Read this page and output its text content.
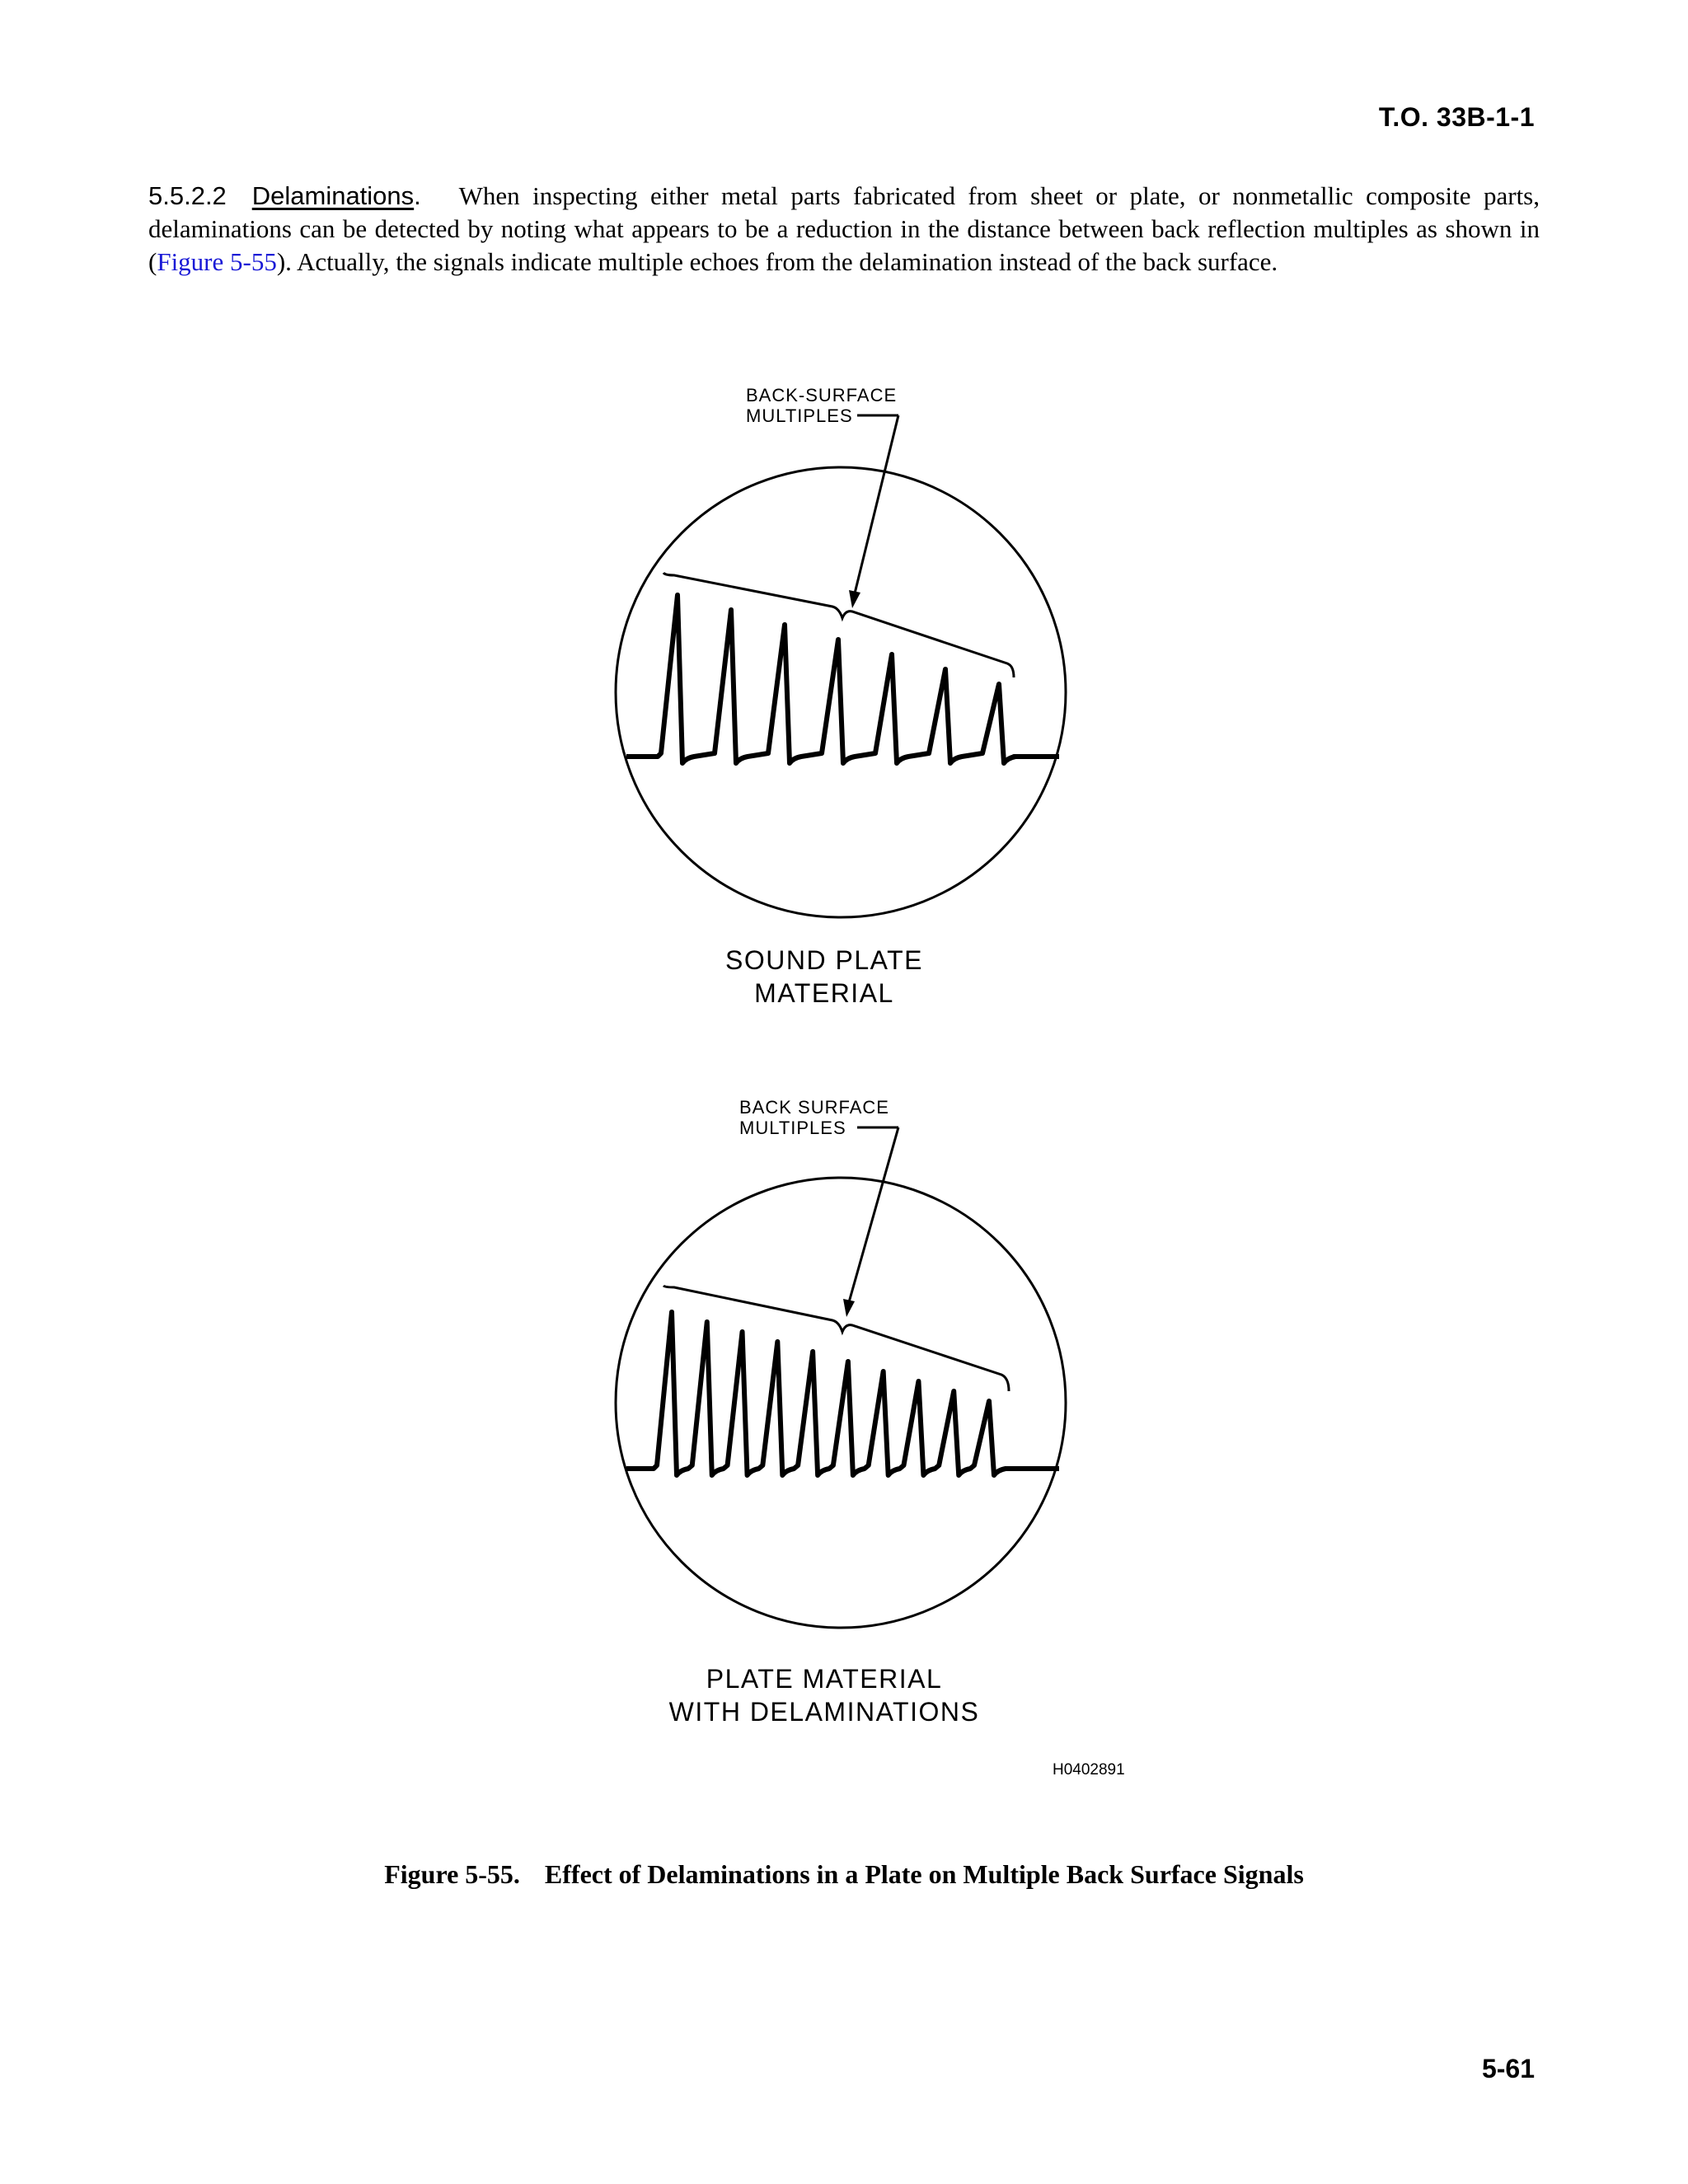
T.O. 33B-1-1
5.5.2.2 Delaminations. When inspecting either metal parts fabricated from sheet or plate, or nonmetallic composite parts, delaminations can be detected by noting what appears to be a reduction in the distance between back reflection multiples as shown in (Figure 5-55). Actually, the signals indicate multiple echoes from the delamination instead of the back surface.
BACK-SURFACE
MULTIPLES
SOUND PLATE
MATERIAL
BACK SURFACE
MULTIPLES
PLATE MATERIAL
WITH DELAMINATIONS
H0402891
Figure 5-55. Effect of Delaminations in a Plate on Multiple Back Surface Signals
5-61
